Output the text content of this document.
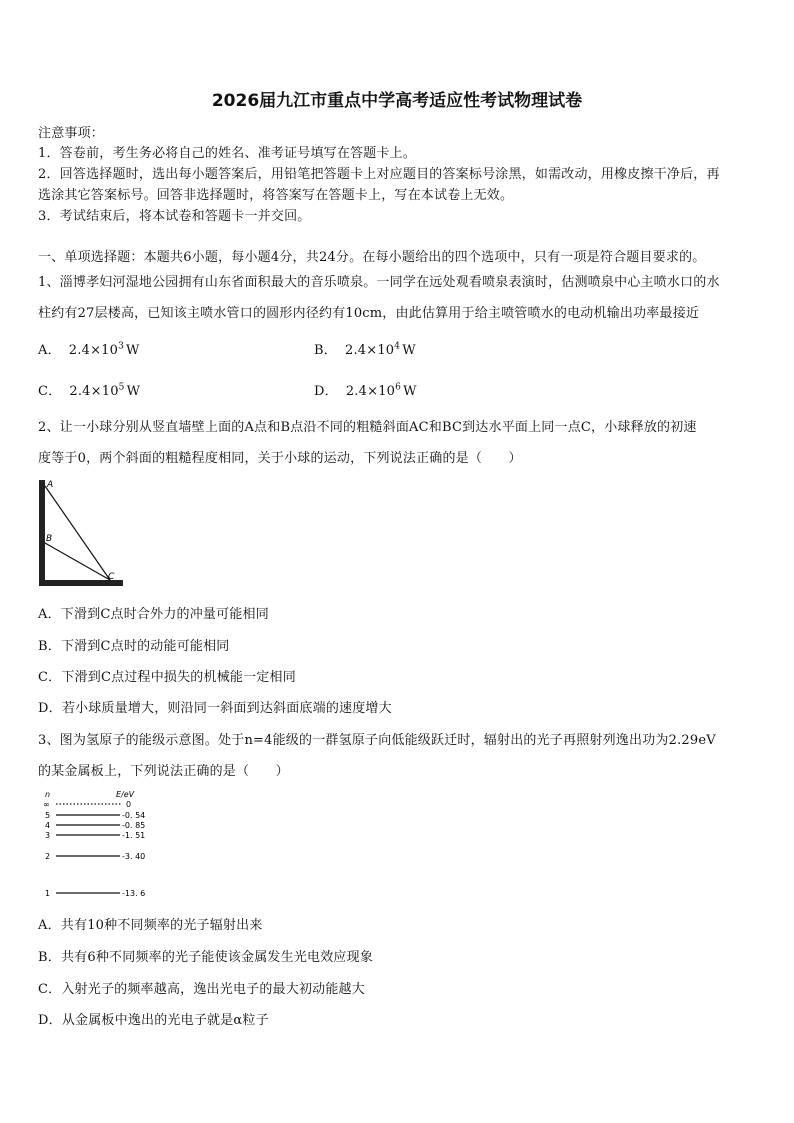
2026届九江市重点中学高考适应性考试物理试卷
注意事项：
1．答卷前，考生务必将自己的姓名、准考证号填写在答题卡上。
2．回答选择题时，选出每小题答案后，用铅笔把答题卡上对应题目的答案标号涂黑，如需改动，用橡皮擦干净后，再
选涂其它答案标号。回答非选择题时，将答案写在答题卡上，写在本试卷上无效。
3．考试结束后，将本试卷和答题卡一并交回。
一、单项选择题：本题共6小题，每小题4分，共24分。在每小题给出的四个选项中，只有一项是符合题目要求的。
1、淄博孝妇河湿地公园拥有山东省面积最大的音乐喷泉。一同学在远处观看喷泉表演时，估测喷泉中心主喷水口的水
柱约有27层楼高，已知该主喷水管口的圆形内径约有10cm，由此估算用于给主喷管喷水的电动机输出功率最接近
A． $2.4\times 10^3$ W	B． $2.4\times 10^4$ W
C． $2.4\times 10^5$ W	D． $2.4\times 10^6$ W
2、让一小球分别从竖直墙壁上面的A点和B点沿不同的粗糙斜面AC和BC到达水平面上同一点C，小球释放的初速
度等于0，两个斜面的粗糙程度相同，关于小球的运动，下列说法正确的是（　　）
A
B
C
A．下滑到C点时合外力的冲量可能相同
B．下滑到C点时的动能可能相同
C．下滑到C点过程中损失的机械能一定相同
D．若小球质量增大，则沿同一斜面到达斜面底端的速度增大
3、图为氢原子的能级示意图。处于n=4能级的一群氢原子向低能级跃迁时，辐射出的光子再照射列逸出功为2.29eV
的某金属板上，下列说法正确的是（　　）
n	E/eV
∞	0
5	-0. 54
4	-0. 85
3	-1. 51
2	-3. 40
1	-13. 6
A．共有10种不同频率的光子辐射出来
B．共有6种不同频率的光子能使该金属发生光电效应现象
C．入射光子的频率越高，逸出光电子的最大初动能越大
D．从金属板中逸出的光电子就是α粒子
